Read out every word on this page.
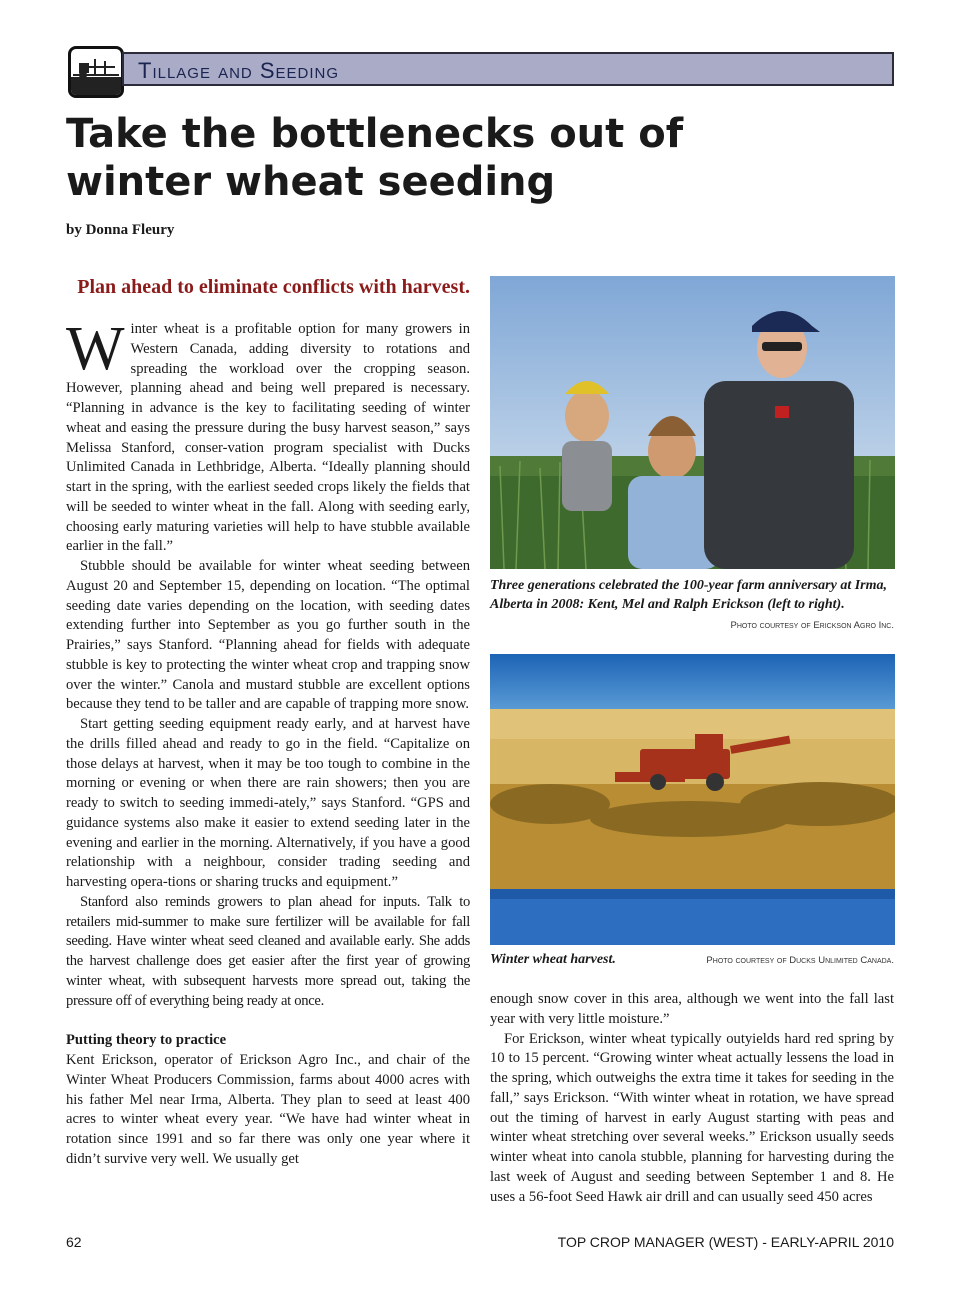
Tillage and Seeding
Take the bottlenecks out of
winter wheat seeding
by Donna Fleury
Plan ahead to eliminate conflicts with harvest.

Winter wheat is a profitable option for many growers in Western Canada, adding diversity to rotations and spreading the workload over the cropping season. However, planning ahead and being well prepared is necessary. “Planning in advance is the key to facilitating seeding of winter wheat and easing the pressure during the busy harvest season,” says Melissa Stanford, conser-vation program specialist with Ducks Unlimited Canada in Lethbridge, Alberta. “Ideally planning should start in the spring, with the earliest seeded crops likely the fields that will be seeded to winter wheat in the fall. Along with seeding early, choosing early maturing varieties will help to have stubble available earlier in the fall.”

Stubble should be available for winter wheat seeding between August 20 and September 15, depending on location. “The optimal seeding date varies depending on the location, with seeding dates extending further into September as you go further south in the Prairies,” says Stanford. “Planning ahead for fields with adequate stubble is key to protecting the winter wheat crop and trapping snow over the winter.” Canola and mustard stubble are excellent options because they tend to be taller and are capable of trapping more snow.

Start getting seeding equipment ready early, and at harvest have the drills filled ahead and ready to go in the field. “Capitalize on those delays at harvest, when it may be too tough to combine in the morning or evening or when there are rain showers; then you are ready to switch to seeding immedi-ately,” says Stanford. “GPS and guidance systems also make it easier to extend seeding later in the evening and earlier in the morning. Alternatively, if you have a good relationship with a neighbour, consider trading seeding and harvesting opera-tions or sharing trucks and equipment.”

Stanford also reminds growers to plan ahead for inputs. Talk to retailers mid-summer to make sure fertilizer will be available for fall seeding. Have winter wheat seed cleaned and available early. She adds the harvest challenge does get easier after the first year of growing winter wheat, with subsequent harvests more spread out, taking the pressure off of everything being ready at once.

Putting theory to practice

Kent Erickson, operator of Erickson Agro Inc., and chair of the Winter Wheat Producers Commission, farms about 4000 acres with his father Mel near Irma, Alberta. They plan to seed at least 400 acres to winter wheat every year. “We have had winter wheat in rotation since 1991 and so far there was only one year where it didn’t survive very well. We usually get

Three generations celebrated the 100-year farm anniversary at Irma, Alberta in 2008: Kent, Mel and Ralph Erickson (left to right).
Photo courtesy of Erickson Agro Inc.
Winter wheat harvest.	Photo courtesy of Ducks Unlimited Canada.

enough snow cover in this area, although we went into the fall last year with very little moisture.”

For Erickson, winter wheat typically outyields hard red spring by 10 to 15 percent. “Growing winter wheat actually lessens the load in the spring, which outweighs the extra time it takes for seeding in the fall,” says Erickson. “With winter wheat in rotation, we have spread out the timing of harvest in early August starting with peas and winter wheat stretching over several weeks.” Erickson usually seeds winter wheat into canola stubble, planning for harvesting during the last week of August and seeding between September 1 and 8. He uses a 56-foot Seed Hawk air drill and can usually seed 450 acres

62	TOP CROP MANAGER (WEST) - EARLY-APRIL 2010
